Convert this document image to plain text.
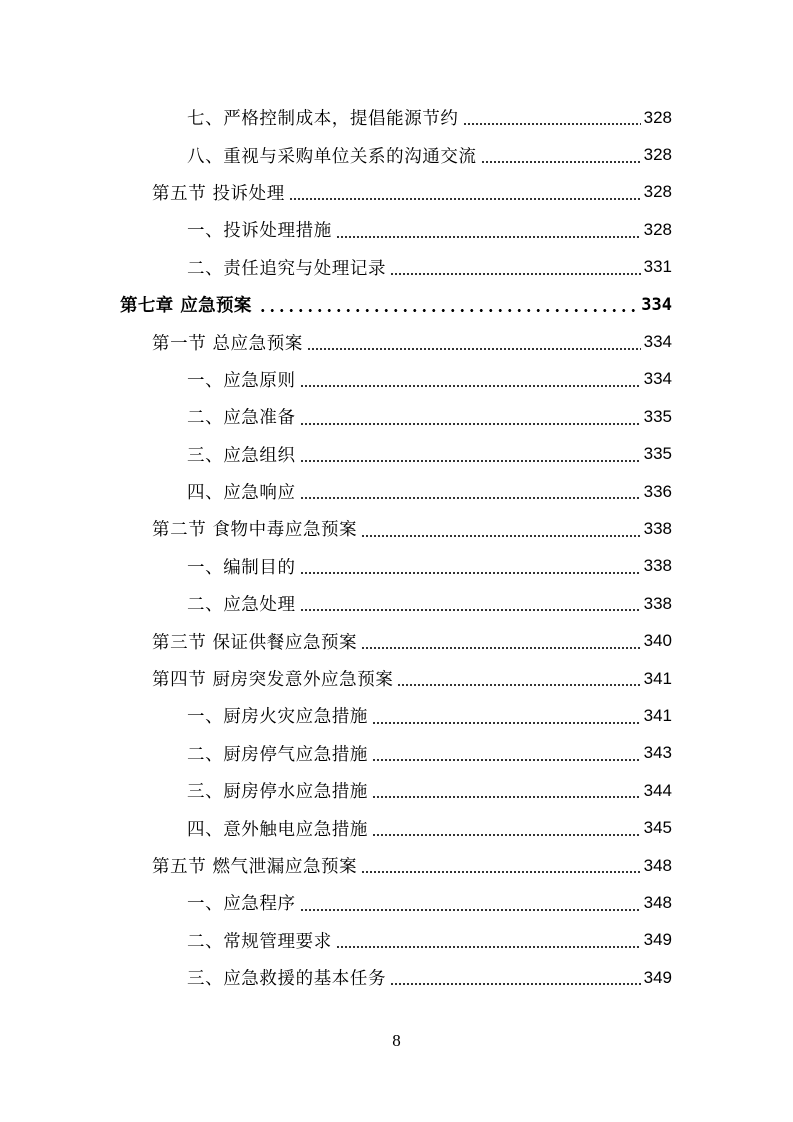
七、严格控制成本，提倡能源节约	328
八、重视与采购单位关系的沟通交流	328
第五节 投诉处理	328
一、投诉处理措施	328
二、责任追究与处理记录	331
第七章 应急预案	334
第一节 总应急预案	334
一、应急原则	334
二、应急准备	335
三、应急组织	335
四、应急响应	336
第二节 食物中毒应急预案	338
一、编制目的	338
二、应急处理	338
第三节 保证供餐应急预案	340
第四节 厨房突发意外应急预案	341
一、厨房火灾应急措施	341
二、厨房停气应急措施	343
三、厨房停水应急措施	344
四、意外触电应急措施	345
第五节 燃气泄漏应急预案	348
一、应急程序	348
二、常规管理要求	349
三、应急救援的基本任务	349
8
